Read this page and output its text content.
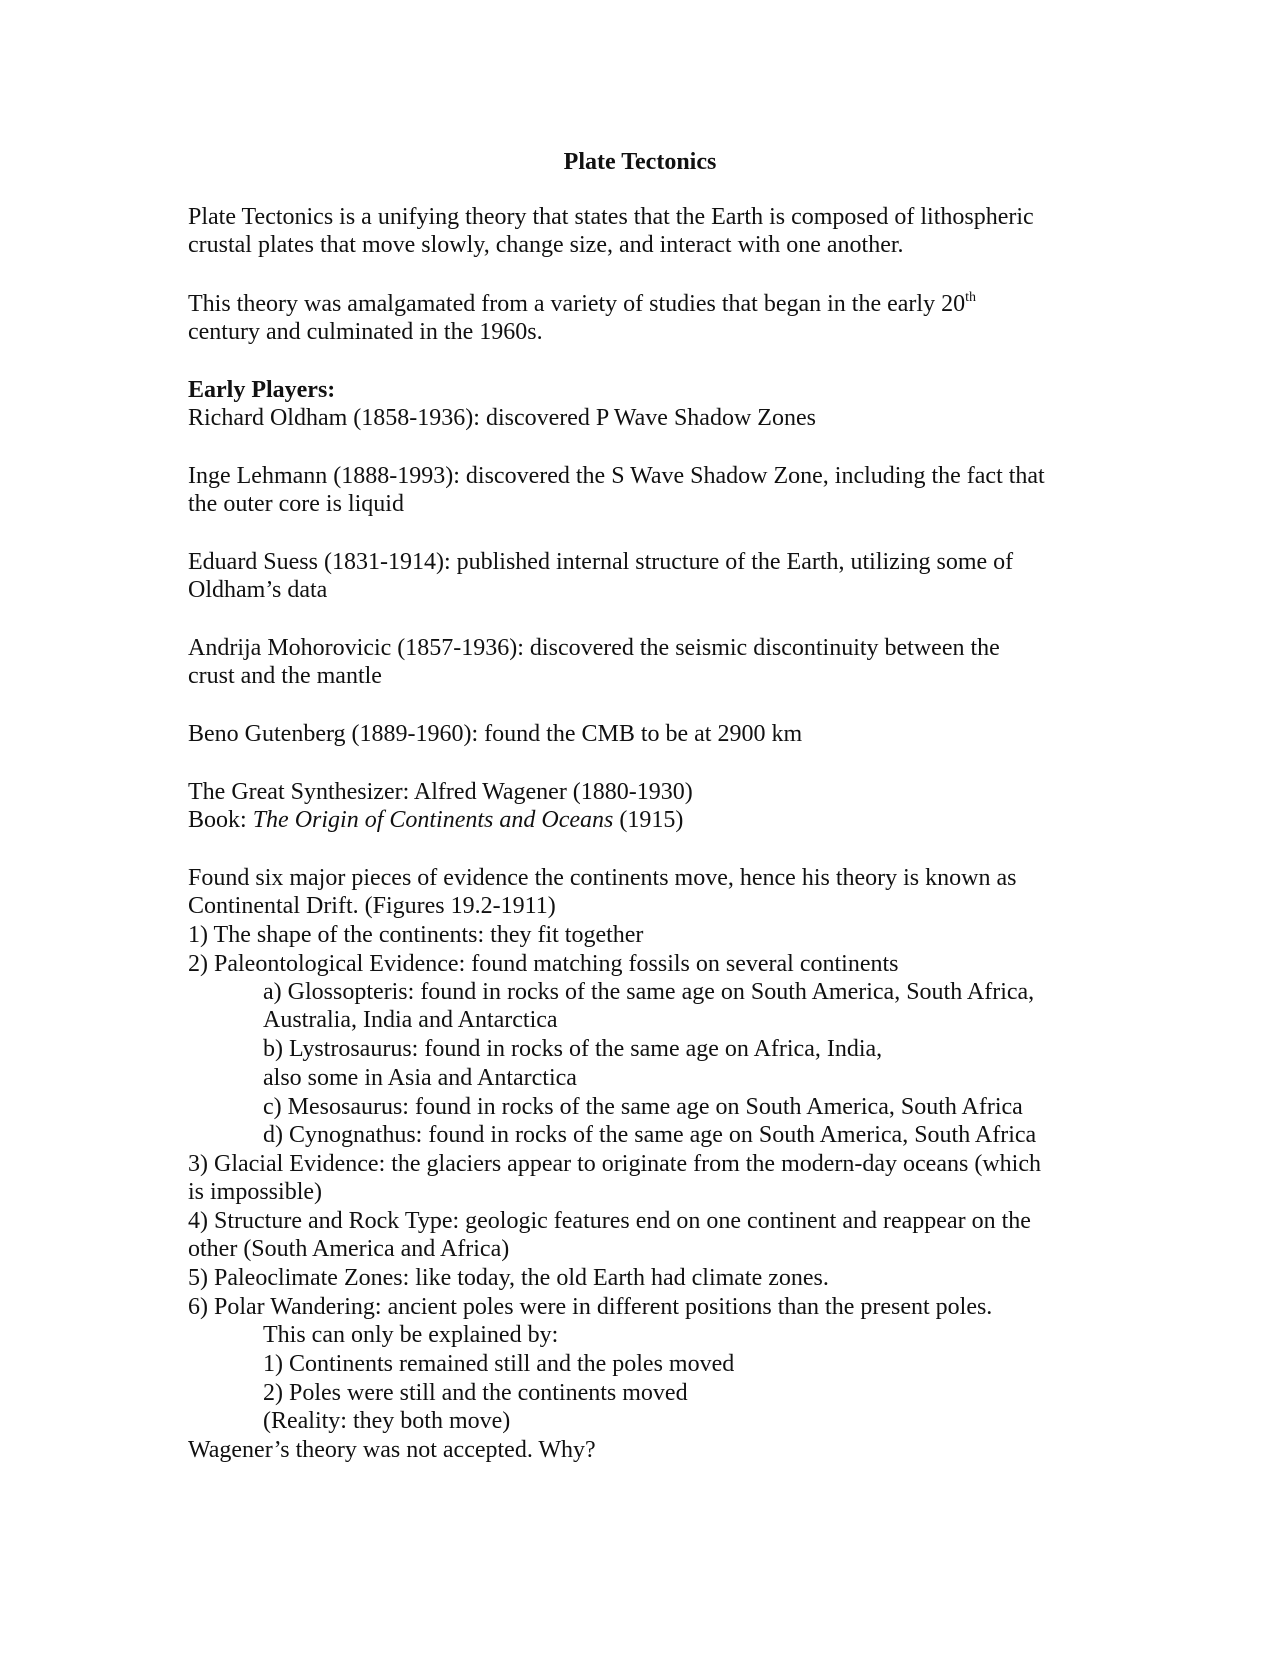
Plate Tectonics
Plate Tectonics is a unifying theory that states that the Earth is composed of lithospheric
crustal plates that move slowly, change size, and interact with one another.
This theory was amalgamated from a variety of studies that began in the early 20th
century and culminated in the 1960s.
Early Players:
Richard Oldham (1858-1936): discovered P Wave Shadow Zones
Inge Lehmann (1888-1993): discovered the S Wave Shadow Zone, including the fact that
the outer core is liquid
Eduard Suess (1831-1914): published internal structure of the Earth, utilizing some of
Oldham’s data
Andrija Mohorovicic (1857-1936): discovered the seismic discontinuity between the
crust and the mantle
Beno Gutenberg (1889-1960): found the CMB to be at 2900 km
The Great Synthesizer: Alfred Wagener (1880-1930)
Book: The Origin of Continents and Oceans (1915)
Found six major pieces of evidence the continents move, hence his theory is known as
Continental Drift. (Figures 19.2-1911)
1) The shape of the continents: they fit together
2) Paleontological Evidence: found matching fossils on several continents
a) Glossopteris: found in rocks of the same age on South America, South Africa,
Australia, India and Antarctica
b) Lystrosaurus: found in rocks of the same age on Africa, India,
also some in Asia and Antarctica
c) Mesosaurus: found in rocks of the same age on South America, South Africa
d) Cynognathus: found in rocks of the same age on South America, South Africa
3) Glacial Evidence: the glaciers appear to originate from the modern-day oceans (which
is impossible)
4) Structure and Rock Type: geologic features end on one continent and reappear on the
other (South America and Africa)
5) Paleoclimate Zones: like today, the old Earth had climate zones.
6) Polar Wandering: ancient poles were in different positions than the present poles.
This can only be explained by:
1) Continents remained still and the poles moved
2) Poles were still and the continents moved
(Reality: they both move)
Wagener’s theory was not accepted. Why?
